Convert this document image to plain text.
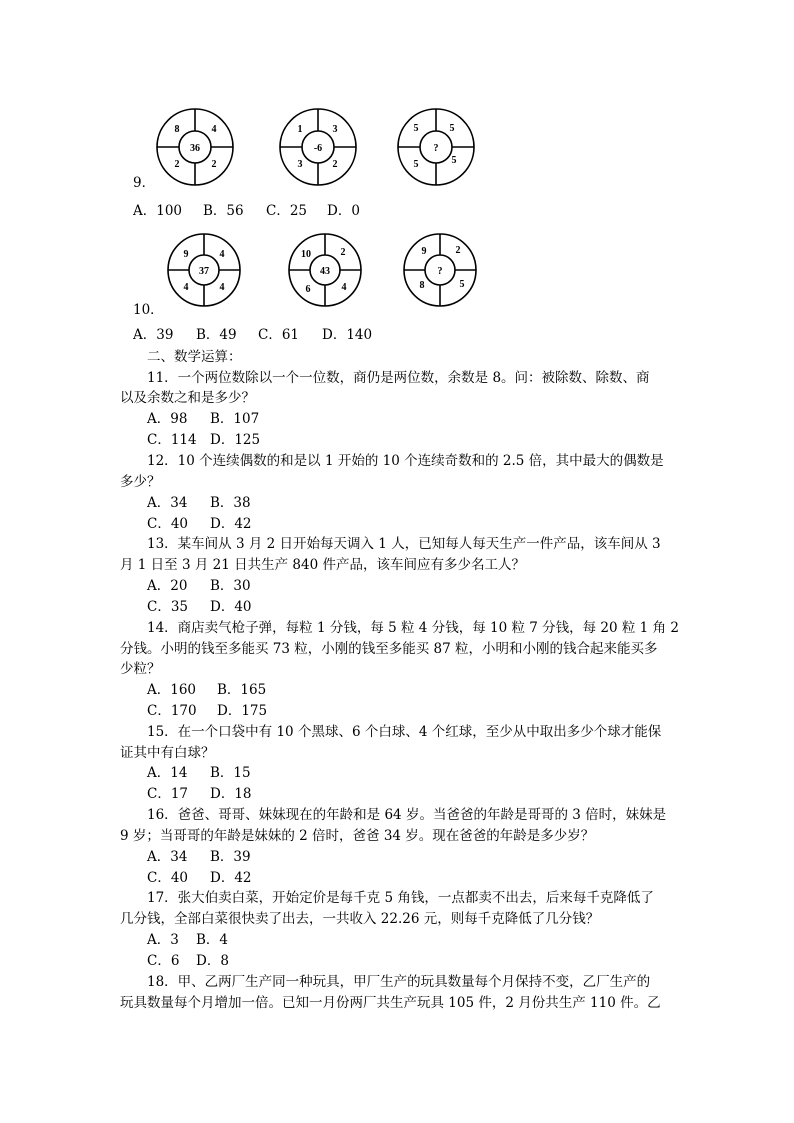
36
8	4
2	2
-6
1	3
3	2
?
5	5
5	5
9．
A．100 B．56 C．25 D．0
37
9	4
4	4
43
10	2
6	4
?
9	2
8	5
10．
A．39 B．49 C．61 D．140
二、数学运算：
11．一个两位数除以一个一位数，商仍是两位数，余数是 8。问：被除数、除数、商
以及余数之和是多少？
A．98 B．107
C．114 D．125
12．10 个连续偶数的和是以 1 开始的 10 个连续奇数和的 2.5 倍，其中最大的偶数是
多少？
A．34 B．38
C．40 D．42
13．某车间从 3 月 2 日开始每天调入 1 人，已知每人每天生产一件产品，该车间从 3
月 1 日至 3 月 21 日共生产 840 件产品，该车间应有多少名工人？
A．20 B．30
C．35 D．40
14．商店卖气枪子弹，每粒 1 分钱，每 5 粒 4 分钱，每 10 粒 7 分钱，每 20 粒 1 角 2
分钱。小明的钱至多能买 73 粒，小刚的钱至多能买 87 粒，小明和小刚的钱合起来能买多
少粒？
A．160 B．165
C．170 D．175
15．在一个口袋中有 10 个黑球、6 个白球、4 个红球，至少从中取出多少个球才能保
证其中有白球？
A．14 B．15
C．17 D．18
16．爸爸、哥哥、妹妹现在的年龄和是 64 岁。当爸爸的年龄是哥哥的 3 倍时，妹妹是
9 岁；当哥哥的年龄是妹妹的 2 倍时，爸爸 34 岁。现在爸爸的年龄是多少岁？
A．34 B．39
C．40 D．42
17．张大伯卖白菜，开始定价是每千克 5 角钱，一点都卖不出去，后来每千克降低了
几分钱，全部白菜很快卖了出去，一共收入 22.26 元，则每千克降低了几分钱？
A．3 B．4
C．6 D．8
18．甲、乙两厂生产同一种玩具，甲厂生产的玩具数量每个月保持不变，乙厂生产的
玩具数量每个月增加一倍。已知一月份两厂共生产玩具 105 件，2 月份共生产 110 件。乙
